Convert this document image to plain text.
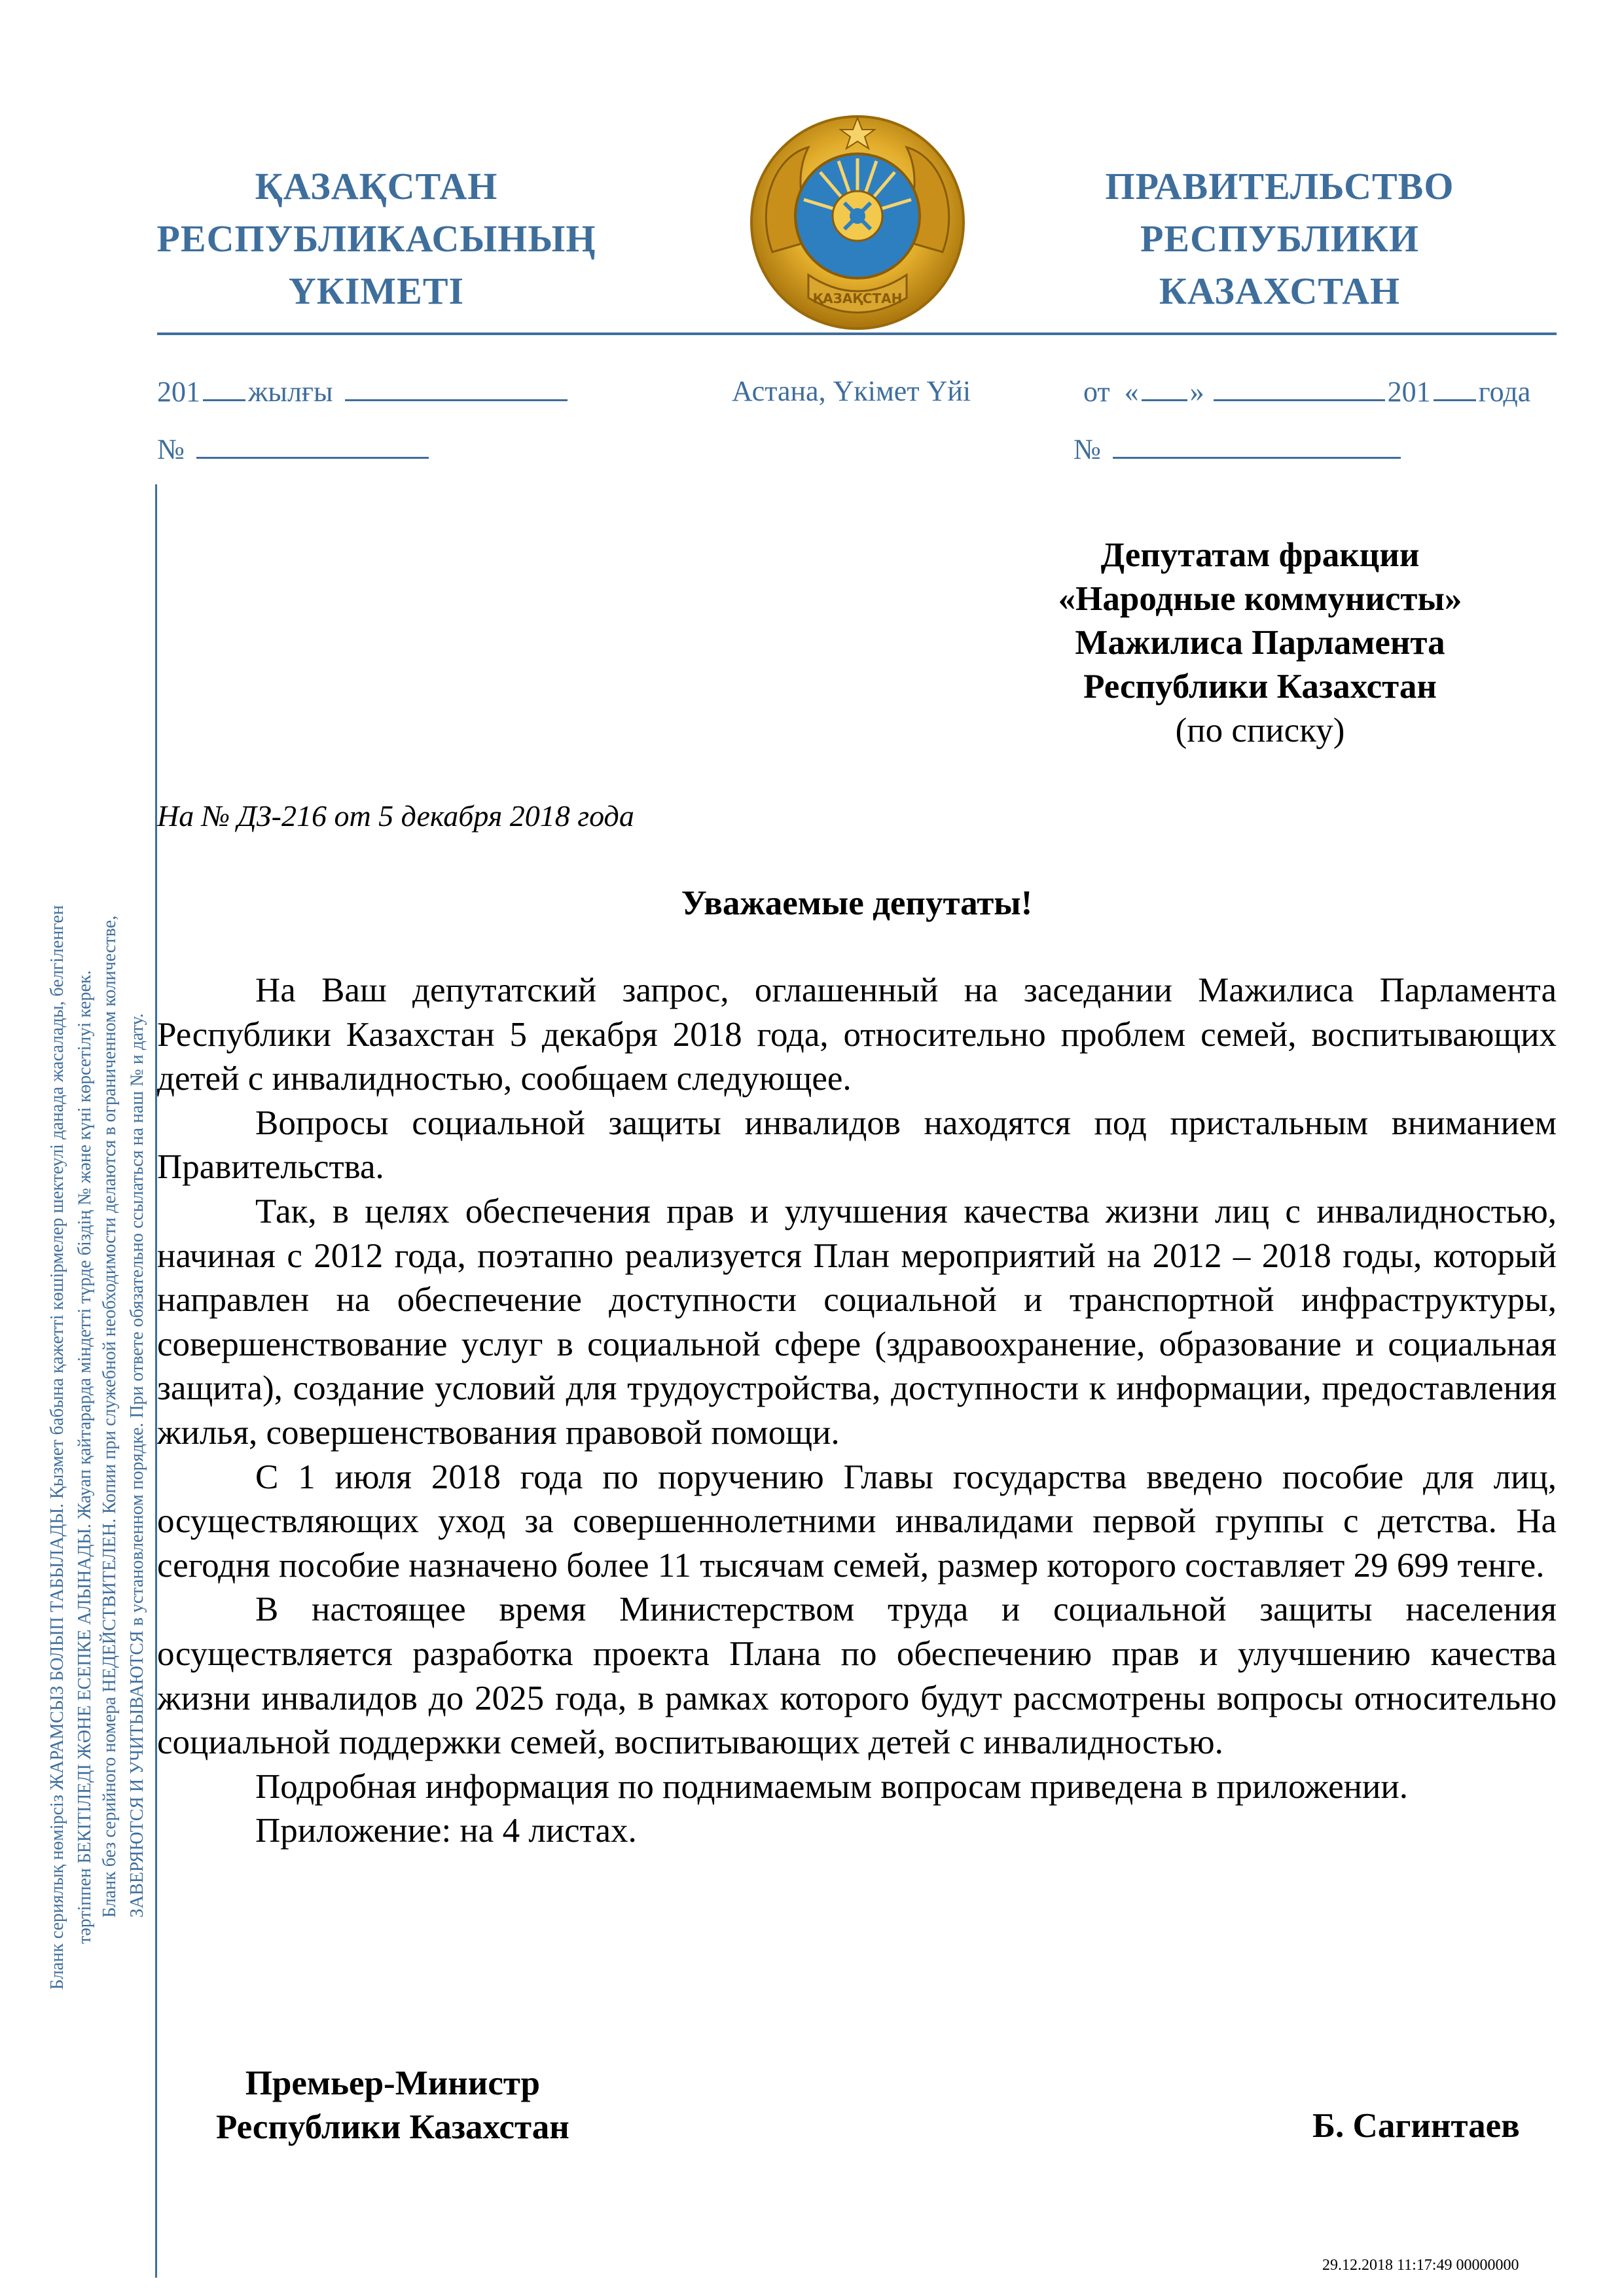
ҚАЗАҚСТАН
РЕСПУБЛИКАСЫНЫҢ
ҮКІМЕТІ	ҚАЗАҚСТАН
ПРАВИТЕЛЬСТВО
РЕСПУБЛИКИ
КАЗАХСТАН
201 жылғы	Астана, Үкімет Үйі	от « »	201 года
№	№
Бланк сериялық нөмірсіз ЖАРАМСЫЗ БОЛЫП ТАБЫЛАДЫ. Қызмет бабына қажетті көшірмелер шектеулі данада жасалады, белгіленген тәртіппен БЕКІТІЛЕДІ ЖӘНЕ ЕСЕПКЕ АЛЫНАДЫ. Жауап қайтарарда міндетті түрде біздің № және күні көрсетілуі керек. Бланк без серийного номера НЕДЕЙСТВИТЕЛЕН. Копии при служебной необходимости делаются в ограниченном количестве, ЗАВЕРЯЮТСЯ И УЧИТЫВАЮТСЯ в установленном порядке. При ответе обязательно ссылаться на наш № и дату.
Депутатам фракции
«Народные коммунисты»
Мажилиса Парламента
Республики Казахстан
(по списку)
На № ДЗ-216 от 5 декабря 2018 года
Уважаемые депутаты!

На Ваш депутатский запрос, оглашенный на заседании Мажилиса Парламента Республики Казахстан 5 декабря 2018 года, относительно проблем семей, воспитывающих детей с инвалидностью, сообщаем следующее.

Вопросы социальной защиты инвалидов находятся под пристальным вниманием Правительства.

Так, в целях обеспечения прав и улучшения качества жизни лиц с инвалидностью, начиная с 2012 года, поэтапно реализуется План мероприятий на 2012 – 2018 годы, который направлен на обеспечение доступности социальной и транспортной инфраструктуры, совершенствование услуг в социальной сфере (здравоохранение, образование и социальная защита), создание условий для трудоустройства, доступности к информации, предоставления жилья, совершенствования правовой помощи.

С 1 июля 2018 года по поручению Главы государства введено пособие для лиц, осуществляющих уход за совершеннолетними инвалидами первой группы с детства. На сегодня пособие назначено более 11 тысячам семей, размер которого составляет 29 699 тенге.

В настоящее время Министерством труда и социальной защиты населения осуществляется разработка проекта Плана по обеспечению прав и улучшению качества жизни инвалидов до 2025 года, в рамках которого будут рассмотрены вопросы относительно социальной поддержки семей, воспитывающих детей с инвалидностью.

Подробная информация по поднимаемым вопросам приведена в приложении.

Приложение: на 4 листах.

Премьер-Министр
Республики Казахстан	Б. Сагинтаев
29.12.2018 11:17:49 00000000
